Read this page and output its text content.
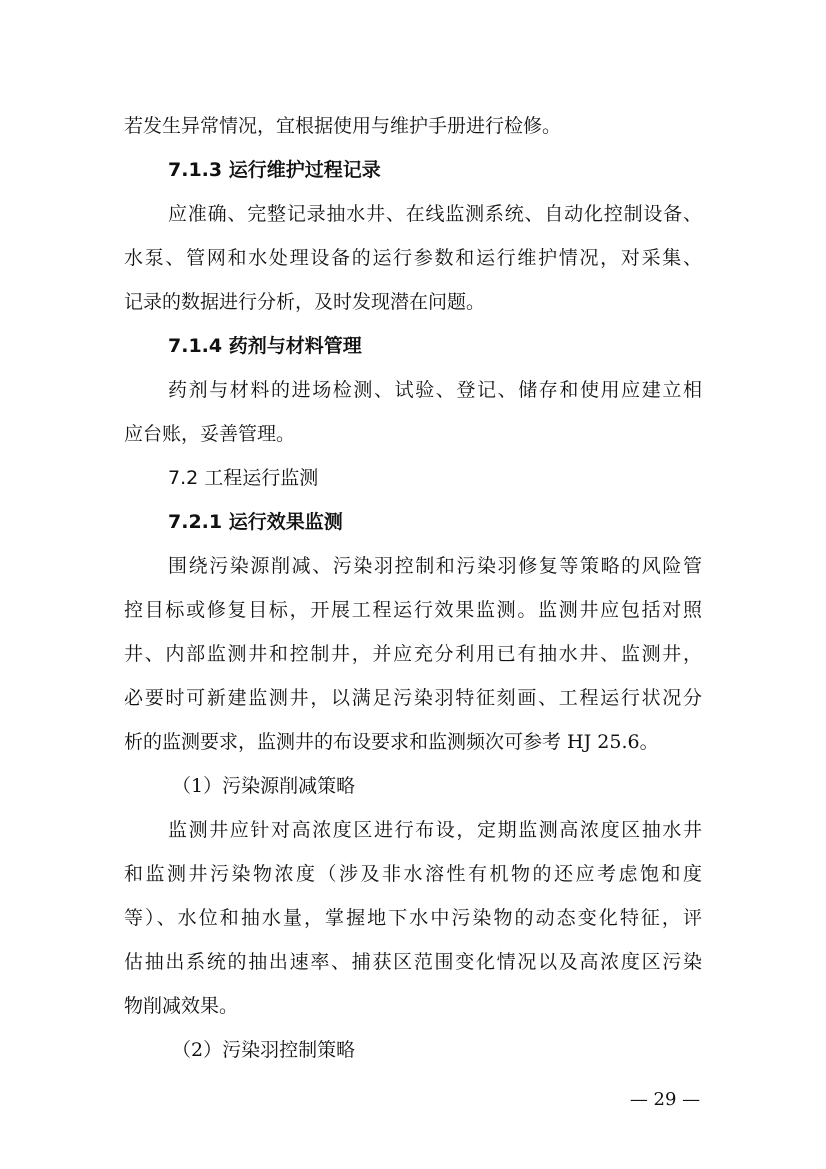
若发生异常情况，宜根据使用与维护手册进行检修。
7.1.3 运行维护过程记录
应准确、完整记录抽水井、在线监测系统、自动化控制设备、
水泵、管网和水处理设备的运行参数和运行维护情况，对采集、
记录的数据进行分析，及时发现潜在问题。
7.1.4 药剂与材料管理
药剂与材料的进场检测、试验、登记、储存和使用应建立相
应台账，妥善管理。
7.2 工程运行监测
7.2.1 运行效果监测
围绕污染源削减、污染羽控制和污染羽修复等策略的风险管
控目标或修复目标，开展工程运行效果监测。监测井应包括对照
井、内部监测井和控制井，并应充分利用已有抽水井、监测井，
必要时可新建监测井，以满足污染羽特征刻画、工程运行状况分
析的监测要求，监测井的布设要求和监测频次可参考 HJ 25.6。
（1）污染源削减策略
监测井应针对高浓度区进行布设，定期监测高浓度区抽水井
和监测井污染物浓度（涉及非水溶性有机物的还应考虑饱和度
等）、水位和抽水量，掌握地下水中污染物的动态变化特征，评
估抽出系统的抽出速率、捕获区范围变化情况以及高浓度区污染
物削减效果。
（2）污染羽控制策略
— 29 —
